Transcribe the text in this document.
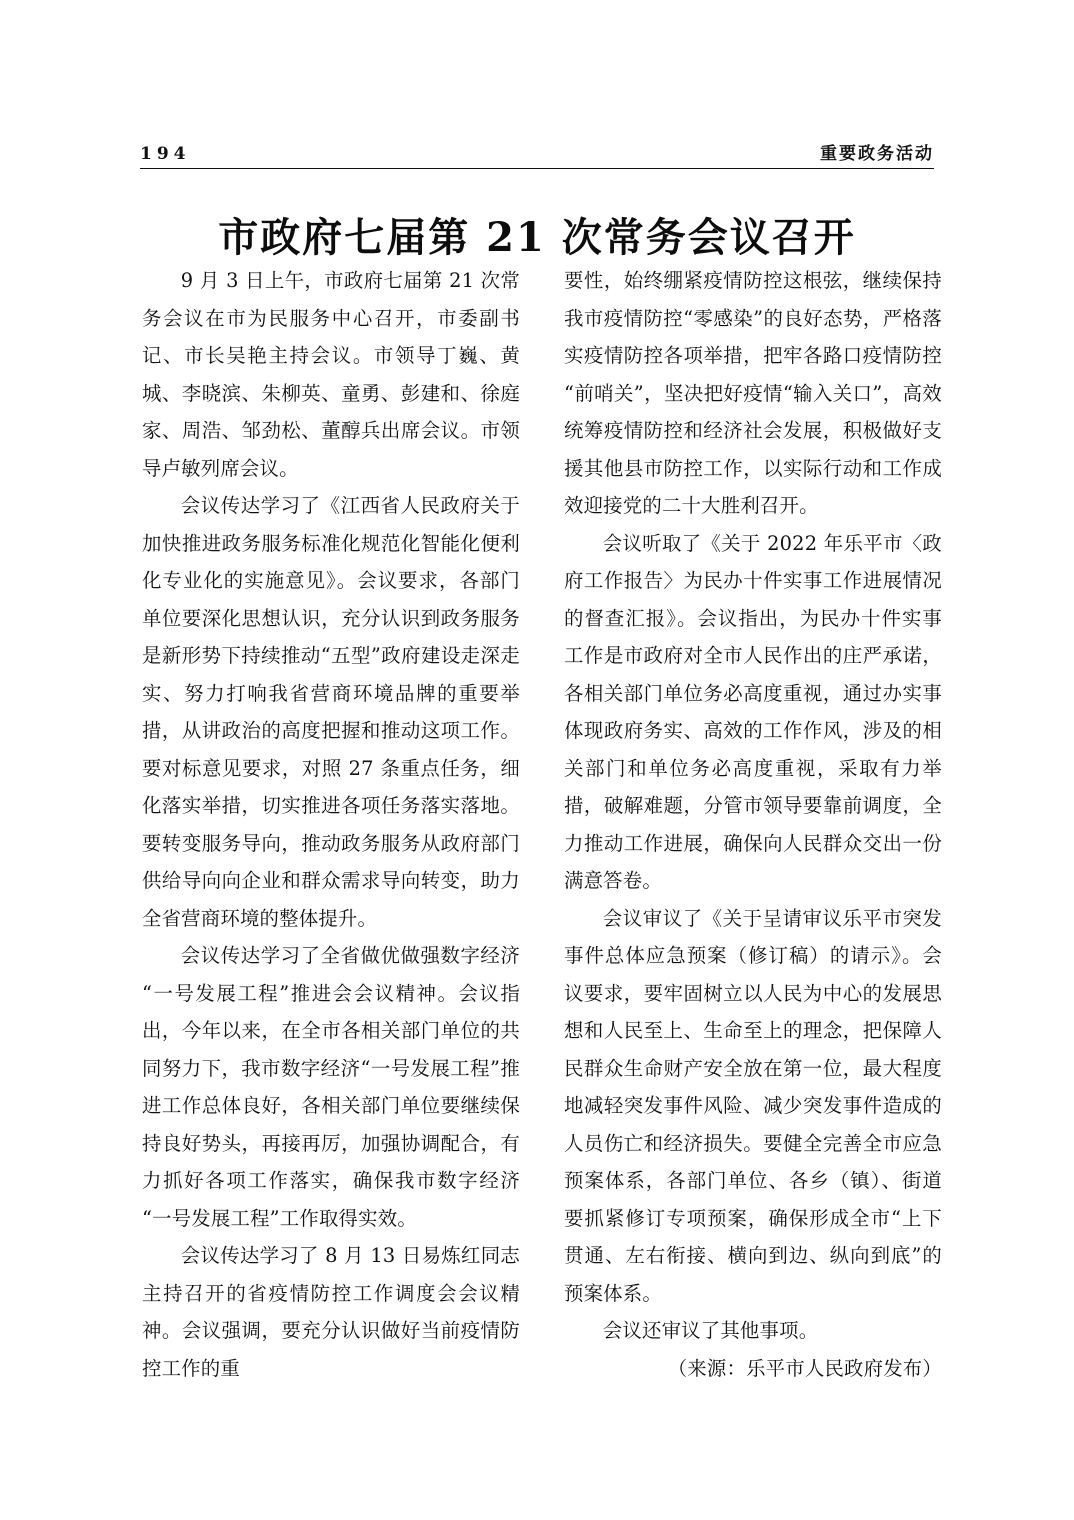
194	重要政务活动
市政府七届第 21 次常务会议召开

9 月 3 日上午，市政府七届第 21 次常务会议在市为民服务中心召开，市委副书记、市长吴艳主持会议。市领导丁巍、黄城、李晓滨、朱柳英、童勇、彭建和、徐庭家、周浩、邹劲松、董醇兵出席会议。市领导卢敏列席会议。

会议传达学习了《江西省人民政府关于加快推进政务服务标准化规范化智能化便利化专业化的实施意见》。会议要求，各部门单位要深化思想认识，充分认识到政务服务是新形势下持续推动“五型”政府建设走深走实、努力打响我省营商环境品牌的重要举措，从讲政治的高度把握和推动这项工作。要对标意见要求，对照 27 条重点任务，细化落实举措，切实推进各项任务落实落地。要转变服务导向，推动政务服务从政府部门供给导向向企业和群众需求导向转变，助力全省营商环境的整体提升。

会议传达学习了全省做优做强数字经济“一号发展工程”推进会会议精神。会议指出，今年以来，在全市各相关部门单位的共同努力下，我市数字经济“一号发展工程”推进工作总体良好，各相关部门单位要继续保持良好势头，再接再厉，加强协调配合，有力抓好各项工作落实，确保我市数字经济“一号发展工程”工作取得实效。

会议传达学习了 8 月 13 日易炼红同志主持召开的省疫情防控工作调度会会议精神。会议强调，要充分认识做好当前疫情防控工作的重

要性，始终绷紧疫情防控这根弦，继续保持我市疫情防控“零感染”的良好态势，严格落实疫情防控各项举措，把牢各路口疫情防控“前哨关”，坚决把好疫情“输入关口”，高效统筹疫情防控和经济社会发展，积极做好支援其他县市防控工作，以实际行动和工作成效迎接党的二十大胜利召开。

会议听取了《关于 2022 年乐平市〈政府工作报告〉为民办十件实事工作进展情况的督查汇报》。会议指出，为民办十件实事工作是市政府对全市人民作出的庄严承诺，各相关部门单位务必高度重视，通过办实事体现政府务实、高效的工作作风，涉及的相关部门和单位务必高度重视，采取有力举措，破解难题，分管市领导要靠前调度，全力推动工作进展，确保向人民群众交出一份满意答卷。

会议审议了《关于呈请审议乐平市突发事件总体应急预案（修订稿）的请示》。会议要求，要牢固树立以人民为中心的发展思想和人民至上、生命至上的理念，把保障人民群众生命财产安全放在第一位，最大程度地减轻突发事件风险、减少突发事件造成的人员伤亡和经济损失。要健全完善全市应急预案体系，各部门单位、各乡（镇）、街道要抓紧修订专项预案，确保形成全市“上下贯通、左右衔接、横向到边、纵向到底”的预案体系。

会议还审议了其他事项。

（来源：乐平市人民政府发布）
